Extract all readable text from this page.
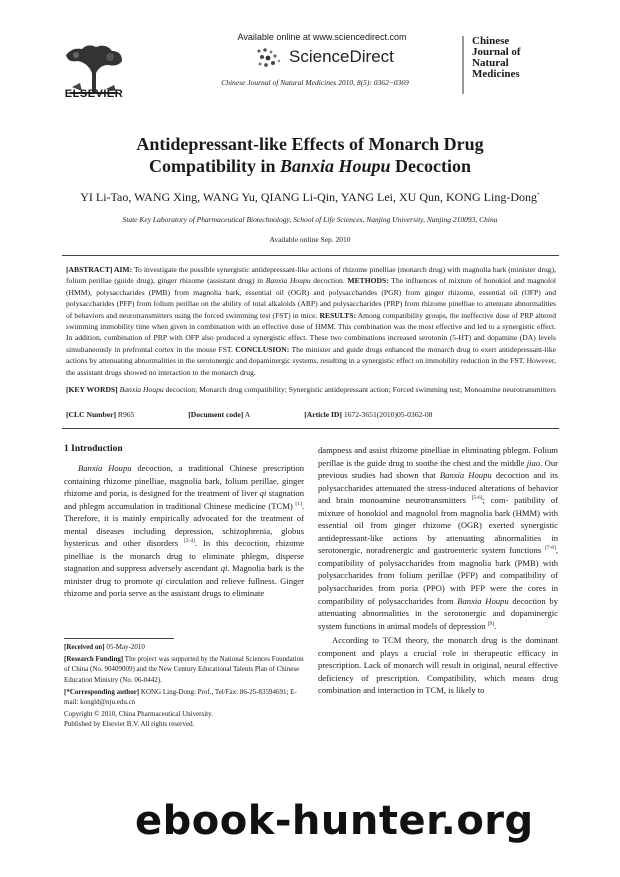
ELSEVIER
Available online at www.sciencedirect.com
ScienceDirect
Chinese Journal of Natural Medicines 2010, 8(5): 0362−0369
Chinese
Journal of
Natural
Medicines
Antidepressant-like Effects of Monarch Drug
Compatibility in Banxia Houpu Decoction
YI Li-Tao, WANG Xing, WANG Yu, QIANG Li-Qin, YANG Lei, XU Qun, KONG Ling-Dong*
State Key Laboratory of Pharmaceutical Biotechnology, School of Life Sciences, Nanjing University, Nanjing 210093, China
Available online Sep. 2010
[ABSTRACT] AIM: To investigate the possible synergistic antidepressant-like actions of rhizome pinelliae (monarch drug) with magnolia bark (minister drug), folium perillae (guide drug), ginger rhizome (assistant drug) in Banxia Houpu decoction. METHODS: The influences of mixture of honokiol and magnolol (HMM), polysaccharides (PMB) from magnolia bark, essential oil (OGR) and polysaccharides (PGR) from ginger rhizome, essential oil (OFP) and polysaccharides (PFP) from folium perillae on the ability of total alkaloids (ARP) and polysaccharides (PRP) from rhizome pinelliae to attenuate abnormalities of behaviors and neurotransmitters using the forced swimming test (FST) in mice. RESULTS: Among compatibility groups, the ineffective dose of PRP altered swimming immobility time when given in combination with an effective dose of HMM. This combination was the most effective and led to a synergistic effect. In addition, combination of PRP with OFP also produced a synergistic effect. These two combinations increased serotonin (5-HT) and dopamine (DA) levels simultaneously in prefrontal cortex in the mouse FST. CONCLUSION: The minister and guide drugs enhanced the monarch drug to exert antidepressant-like actions by attenuating abnormalities in the serotonergic and dopaminergic systems, resulting in a synergistic effect on immobility reduction in the FST. However, the assistant drugs showed no interaction to the monarch drug.
[KEY WORDS] Banxia Houpu decoction; Monarch drug compatibility; Synergistic antidepressant action; Forced swimming test; Monoamine neurotransmitters
[CLC Number] R965	[Document code] A	[Article ID] 1672-3651(2010)05-0362-08
1 Introduction

Banxia Houpu decoction, a traditional Chinese prescription containing rhizome pinelliae, magnolia bark, folium perillae, ginger rhizome and poria, is designed for the treatment of liver qi stagnation and phlegm accumulation in traditional Chinese medicine (TCM) [1]. Therefore, it is mainly empirically advocated for the treatment of mental diseases including depression, schizophrenia, globus hystericus and other disorders [2-4]. In this decoction, rhizome pinelliae is the monarch drug to eliminate phlegm, disperse stagnation and suppress adversely ascendant qi. Magnolia bark is the minister drug to promote qi circulation and relieve fullness. Ginger rhizome and poria serve as the assistant drugs to eliminate

[Received on] 05-May-2010

[Research Funding] The project was supported by the National Sciences Foundation of China (No. 90409009) and the New Century Educational Talents Plan of Chinese Education Ministry (No. 06-0442).

[*Corresponding author] KONG Ling-Dong: Prof., Tel/Fax: 86-25-83594691; E-mail: kongld@nju.edu.cn

Copyright © 2010, China Pharmaceutical University.
Published by Elsevier B.V. All rights reserved.

dampness and assist rhizome pinelliae in eliminating phlegm. Folium perillae is the guide drug to soothe the chest and the middle jiao. Our previous studies had shown that Banxia Houpu decoction and its polysaccharides attenuated the stress-induced alterations of behavior and brain monoamine neurotransmitters [5-6]; com- patibility of mixture of honokiol and magnolol from magnolia bark (HMM) with essential oil from ginger rhizome (OGR) exerted synergistic antidepressant-like actions by attenuating abnormalities in serotonergic, noradrenergic and gastroenteric system functions [7-8], compatibility of polysaccharides from magnolia bark (PMB) with polysaccharides from folium perillae (PFP) and compatibility of polysaccharides from poria (PPO) with PFP were the cores in compatibility of polysaccharides from Banxia Houpu decoction by attenuating abnormalities in the serotonergic and dopaminergic system functions in animal models of depression [9].

According to TCM theory, the monarch drug is the dominant component and plays a crucial role in therapeutic efficacy in prescription. Lack of monarch will result in original, neural effective deficiency of prescription. Compatibility, which means drug combination and interaction in TCM, is likely to

ebook-hunter.org
